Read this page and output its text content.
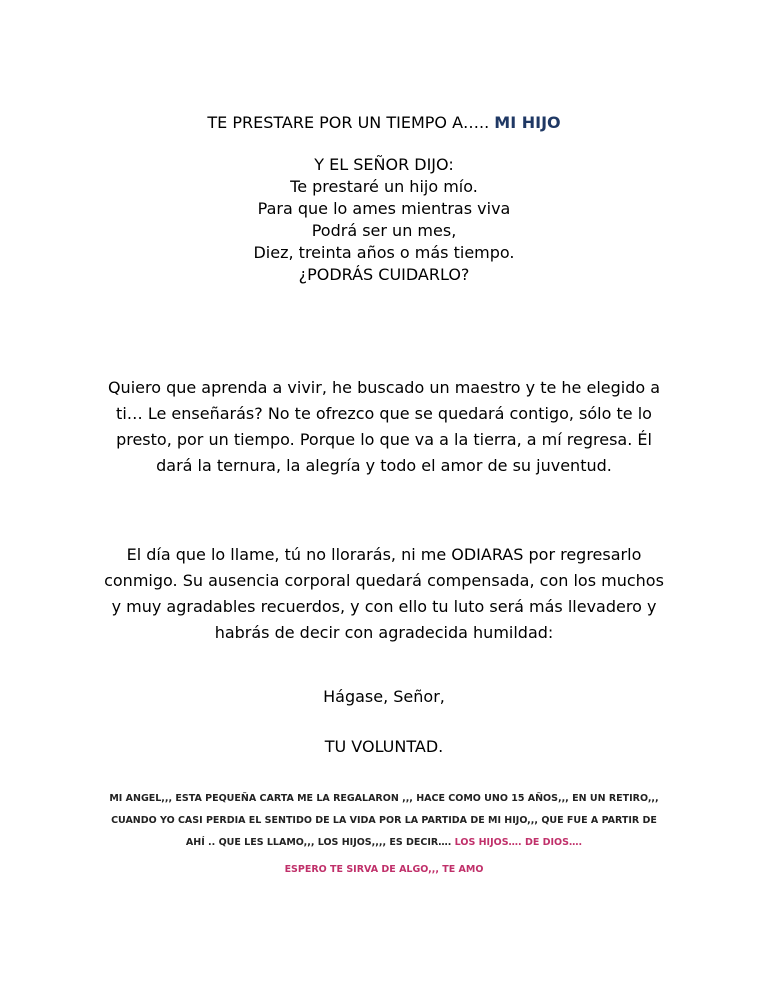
TE PRESTARE POR UN TIEMPO A….. MI HIJO
Y EL SEÑOR DIJO:
Te prestaré un hijo mío.
Para que lo ames mientras viva
Podrá ser un mes,
Diez, treinta años o más tiempo.
¿PODRÁS CUIDARLO?
Quiero que aprenda a vivir, he buscado un maestro y te he elegido a ti… Le enseñarás? No te ofrezco que se quedará contigo, sólo te lo presto, por un tiempo. Porque lo que va a la tierra, a mí regresa. Él dará la ternura, la alegría y todo el amor de su juventud.
El día que lo llame, tú no llorarás, ni me ODIARAS por regresarlo conmigo. Su ausencia corporal quedará compensada, con los muchos y muy agradables recuerdos, y con ello tu luto será más llevadero y habrás de decir con agradecida humildad:
Hágase, Señor,
TU VOLUNTAD.
MI ANGEL,,, ESTA PEQUEÑA CARTA ME LA REGALARON ,,, HACE COMO UNO 15 AÑOS,,, EN UN RETIRO,,, CUANDO YO CASI PERDIA EL SENTIDO DE LA VIDA POR LA PARTIDA DE MI HIJO,,, QUE FUE A PARTIR DE AHÍ .. QUE LES LLAMO,,, LOS HIJOS,,,, ES DECIR…. LOS HIJOS…. DE DIOS….
ESPERO TE SIRVA DE ALGO,,, TE AMO
